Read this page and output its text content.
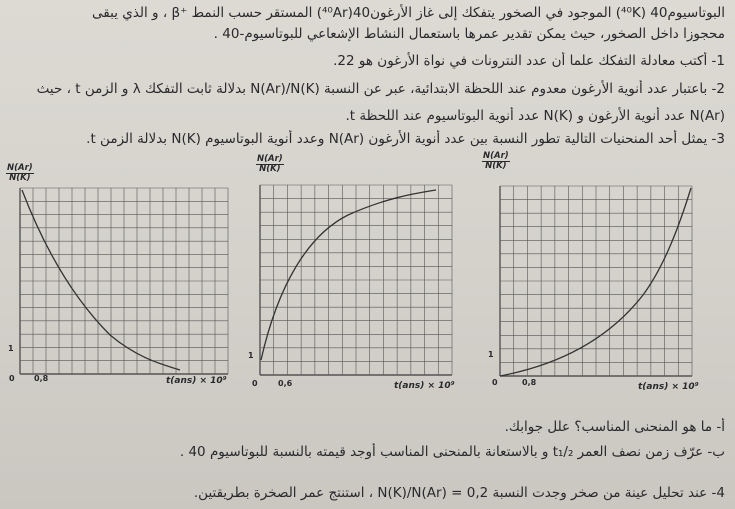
البوتاسيوم40 (⁴⁰K) الموجود في الصخور يتفكك إلى غاز الأرغون40(⁴⁰Ar) المستقر حسب النمط ‎β⁺‎ ، و الذي يبقى
محجوزا داخل الصخور، حيث يمكن تقدير عمرها باستعمال النشاط الإشعاعي للبوتاسيوم-40 .
1- أكتب معادلة التفكك علما أن عدد النترونات في نواة الأرغون هو 22.
2- باعتبار عدد أنوية الأرغون معدوم عند اللحظة الابتدائية، عبر عن النسبة N(Ar)/N(K) بدلالة ثابت التفكك λ و الزمن t ، حيث
N(Ar) عدد أنوية الأرغون و N(K) عدد أنوية البوتاسيوم عند اللحظة t.
3- يمثل أحد المنحنيات التالية تطور النسبة بين عدد أنوية الأرغون N(Ar) وعدد أنوية البوتاسيوم N(K) بدلالة الزمن t.
N(Ar)
N(K)
1
0 0,8	t(ans) × 10⁹
N(Ar)
N(K)
1
0	0,6	t(ans) × 10⁹
N(Ar)
N(K)
1
0	0,8	t(ans) × 10⁹
أ- ما هو المنحنى المناسب؟ علل جوابك.
ب- عرّف زمن نصف العمر ‎t₁/₂‎ و بالاستعانة بالمنحنى المناسب أوجد قيمته بالنسبة للبوتاسيوم 40 .
4- عند تحليل عينة من صخر وجدت النسبة N(K)/N(Ar) = 0,2 ، استنتج عمر الصخرة بطريقتين.
